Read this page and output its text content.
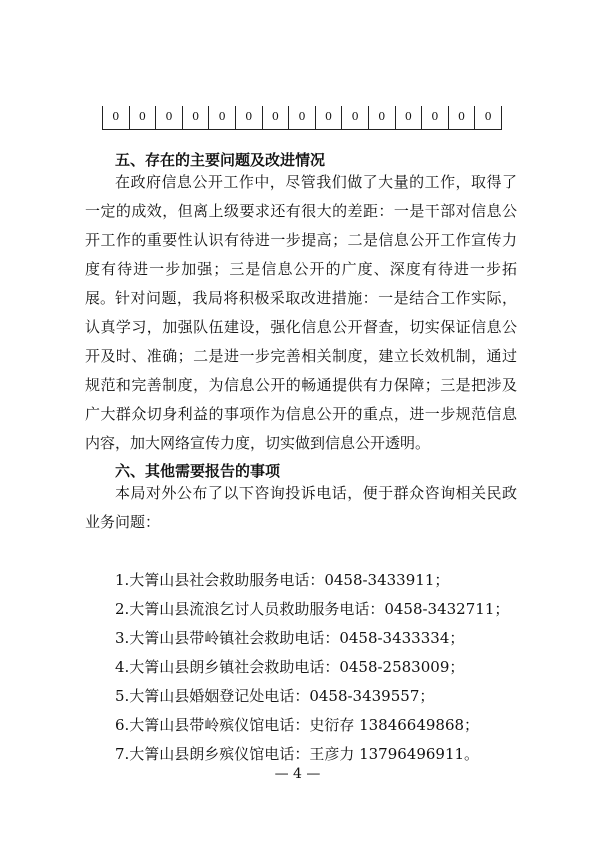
0	0	0	0	0	0	0	0	0	0	0	0	0	0	0
五、存在的主要问题及改进情况

在政府信息公开工作中，尽管我们做了大量的工作，取得了一定的成效，但离上级要求还有很大的差距：一是干部对信息公开工作的重要性认识有待进一步提高；二是信息公开工作宣传力度有待进一步加强；三是信息公开的广度、深度有待进一步拓展。 针对问题，我局将积极采取改进措施：一是结合工作实际，认真学习，加强队伍建设，强化信息公开督查，切实保证信息公开及时、准确；二是进一步完善相关制度，建立长效机制，通过规范和完善制度，为信息公开的畅通提供有力保障；三是把涉及广大群众切身利益的事项作为信息公开的重点，进一步规范信息内容，加大网络宣传力度，切实做到信息公开透明。

六、其他需要报告的事项

本局对外公布了以下咨询投诉电话，便于群众咨询相关民政业务问题：

1.大箐山县社会救助服务电话：0458-3433911；
2.大箐山县流浪乞讨人员救助服务电话：0458-3432711；
3.大箐山县带岭镇社会救助电话：0458-3433334；
4.大箐山县朗乡镇社会救助电话：0458-2583009；
5.大箐山县婚姻登记处电话：0458-3439557；
6.大箐山县带岭殡仪馆电话：史衍存 13846649868；
7.大箐山县朗乡殡仪馆电话：王彦力 13796496911。
— 4 —
